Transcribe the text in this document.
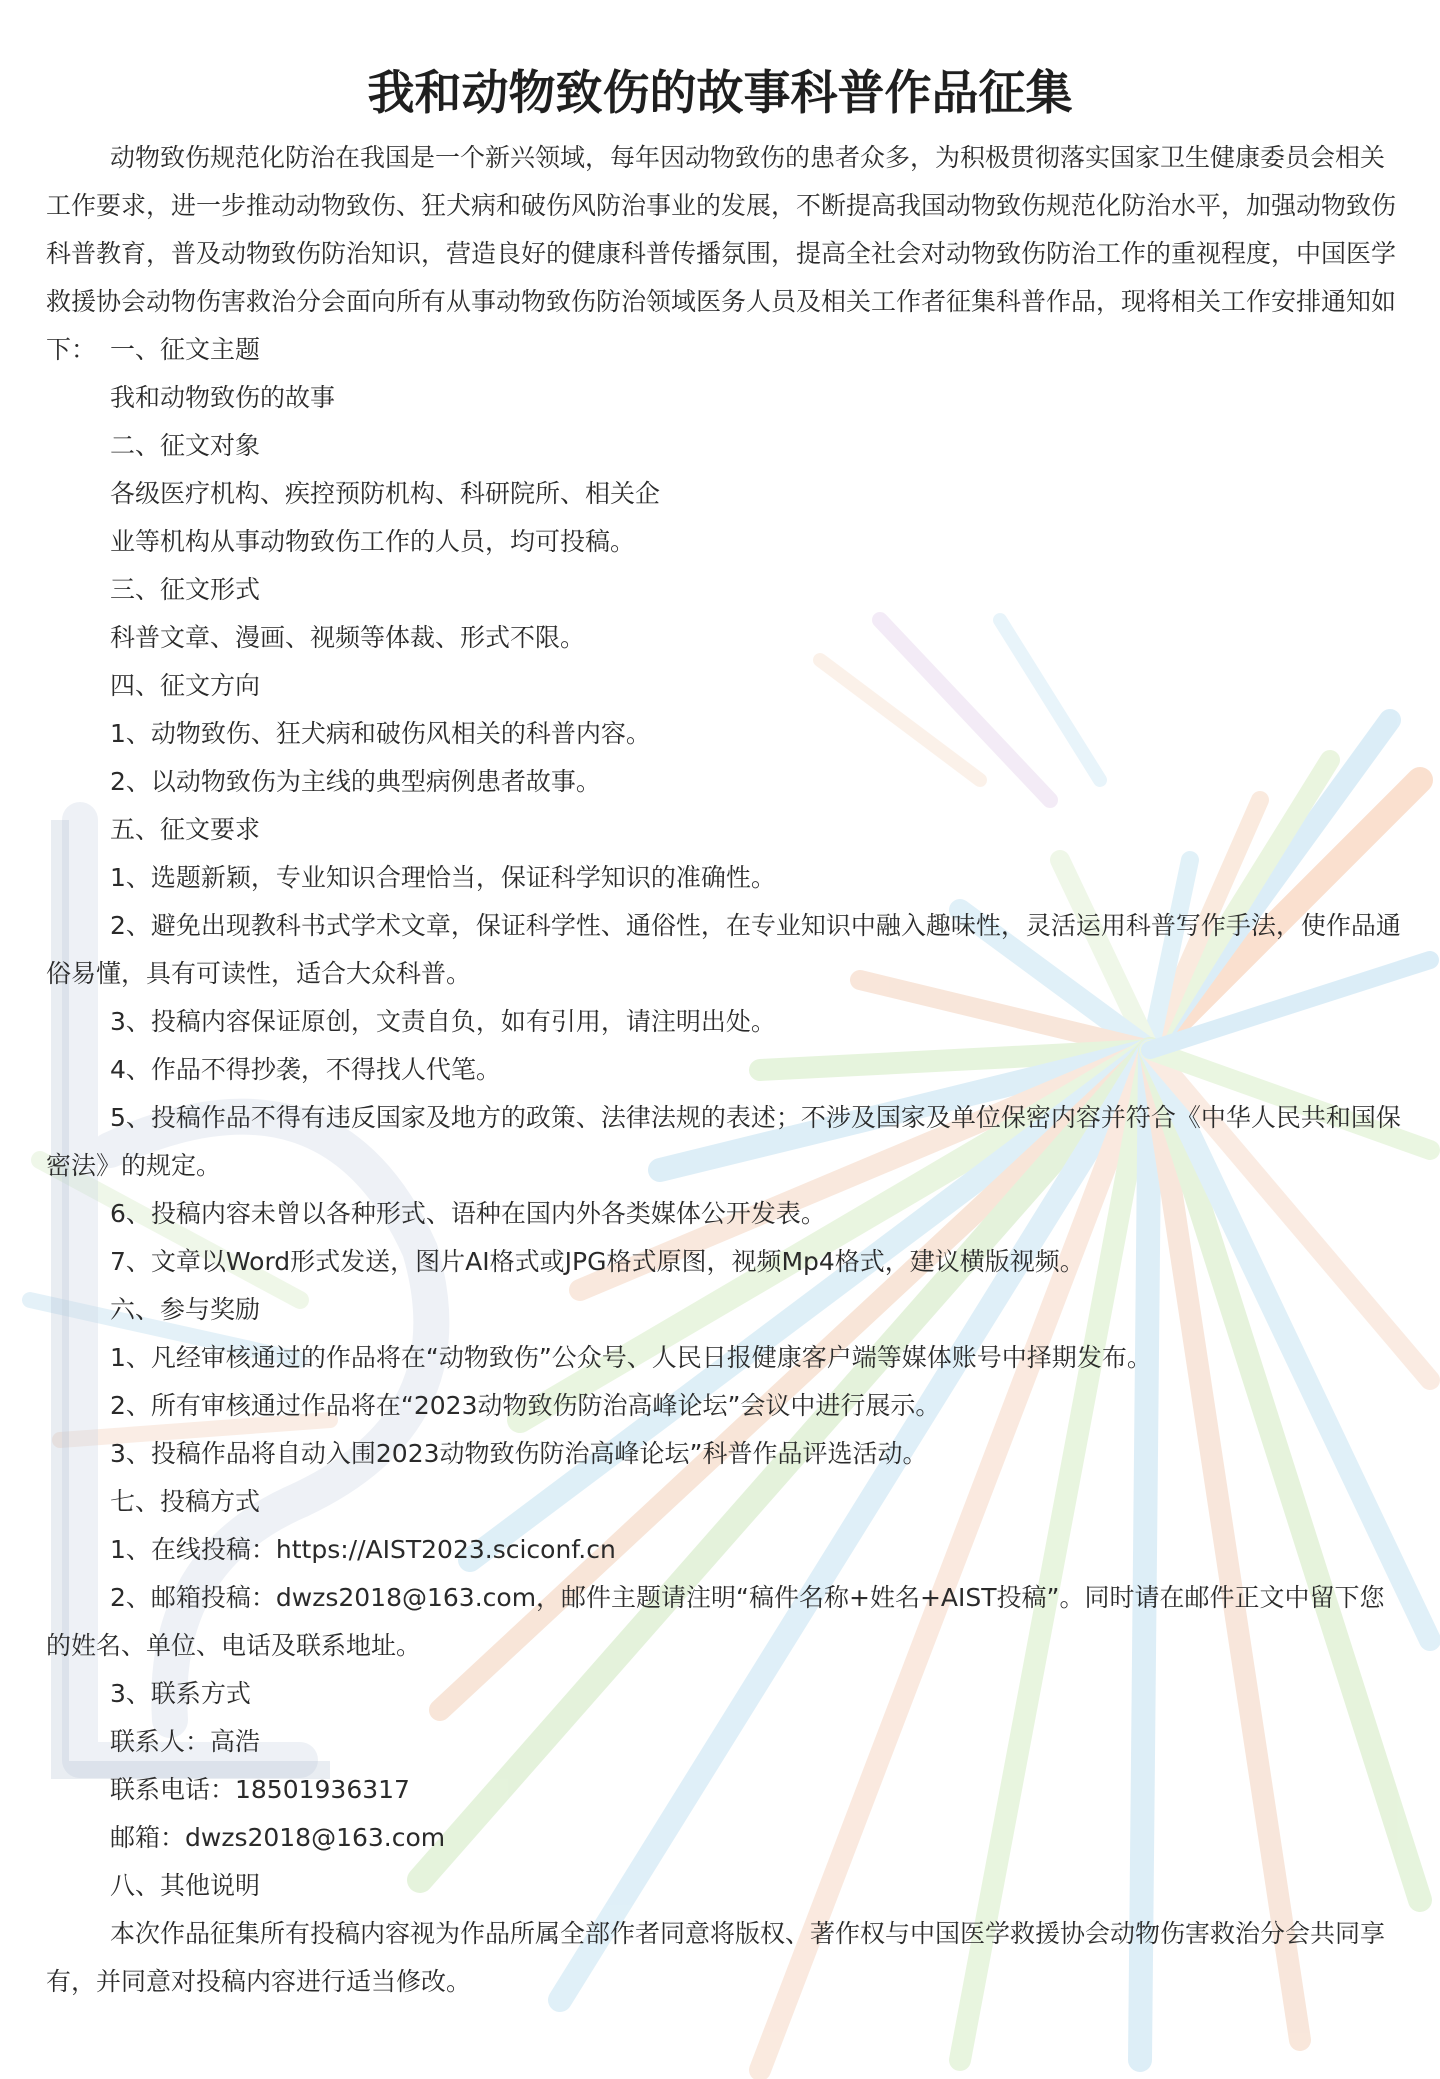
我和动物致伤的故事科普作品征集
动物致伤规范化防治在我国是一个新兴领域，每年因动物致伤的患者众多，为积极贯彻落实国家卫生健康委员会相关工作要求，进一步推动动物致伤、狂犬病和破伤风防治事业的发展，不断提高我国动物致伤规范化防治水平，加强动物致伤科普教育，普及动物致伤防治知识，营造良好的健康科普传播氛围，提高全社会对动物致伤防治工作的重视程度，中国医学救援协会动物伤害救治分会面向所有从事动物致伤防治领域医务人员及相关工作者征集科普作品，现将相关工作安排通知如下： 一、征文主题
我和动物致伤的故事
二、征文对象
各级医疗机构、疾控预防机构、科研院所、相关企
业等机构从事动物致伤工作的人员，均可投稿。
三、征文形式
科普文章、漫画、视频等体裁、形式不限。
四、征文方向
1、动物致伤、狂犬病和破伤风相关的科普内容。
2、以动物致伤为主线的典型病例患者故事。
五、征文要求
1、选题新颖，专业知识合理恰当，保证科学知识的准确性。
2、避免出现教科书式学术文章，保证科学性、通俗性，在专业知识中融入趣味性，灵活运用科普写作手法，使作品通俗易懂，具有可读性，适合大众科普。
3、投稿内容保证原创，文责自负，如有引用，请注明出处。
4、作品不得抄袭，不得找人代笔。
5、投稿作品不得有违反国家及地方的政策、法律法规的表述；不涉及国家及单位保密内容并符合《中华人民共和国保密法》的规定。
6、投稿内容未曾以各种形式、语种在国内外各类媒体公开发表。
7、文章以Word形式发送，图片AI格式或JPG格式原图，视频Mp4格式，建议横版视频。
六、参与奖励
1、凡经审核通过的作品将在“动物致伤”公众号、人民日报健康客户端等媒体账号中择期发布。
2、所有审核通过作品将在“2023动物致伤防治高峰论坛”会议中进行展示。
3、投稿作品将自动入围2023动物致伤防治高峰论坛”科普作品评选活动。
七、投稿方式
1、在线投稿：https://AIST2023.sciconf.cn
2、邮箱投稿：dwzs2018@163.com，邮件主题请注明“稿件名称+姓名+AIST投稿”。同时请在邮件正文中留下您的姓名、单位、电话及联系地址。
3、联系方式
联系人：高浩
联系电话：18501936317
邮箱：dwzs2018@163.com
八、其他说明
本次作品征集所有投稿内容视为作品所属全部作者同意将版权、著作权与中国医学救援协会动物伤害救治分会共同享有，并同意对投稿内容进行适当修改。
